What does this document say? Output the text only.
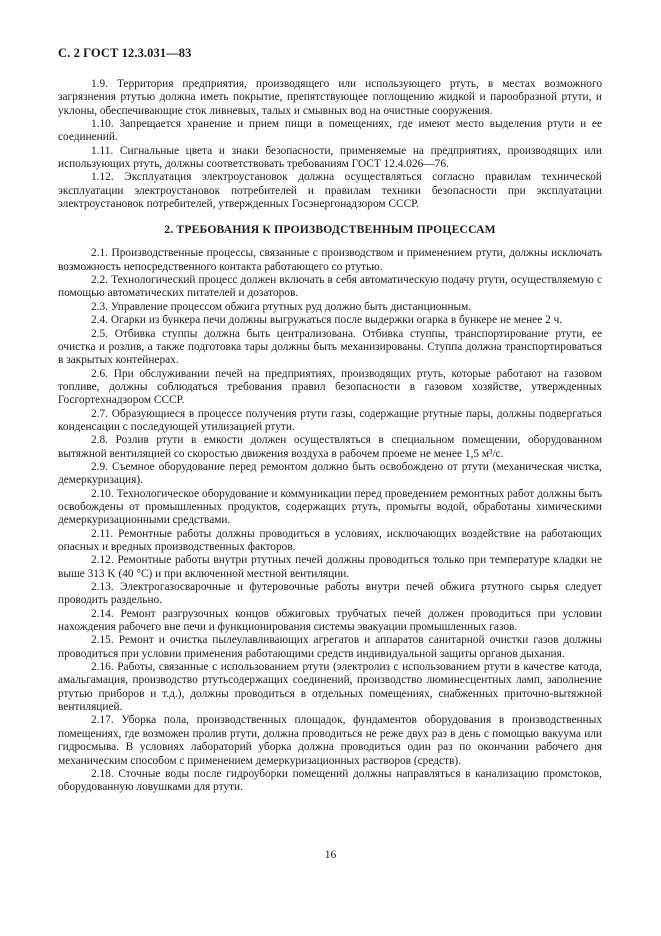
С. 2 ГОСТ 12.3.031—83

1.9. Территория предприятия, производящего или использующего ртуть, в местах возможного загрязнения ртутью должна иметь покрытие, препятствующее поглощению жидкой и парообразной ртути, и уклоны, обеспечивающие сток ливневых, талых и смывных вод на очистные сооружения.

1.10. Запрещается хранение и прием пищи в помещениях, где имеют место выделения ртути и ее соединений.

1.11. Сигнальные цвета и знаки безопасности, применяемые на предприятиях, производящих или использующих ртуть, должны соответствовать требованиям ГОСТ 12.4.026—76.

1.12. Эксплуатация электроустановок должна осуществляться согласно правилам технической эксплуатации электроустановок потребителей и правилам техники безопасности при эксплуатации электроустановок потребителей, утвержденных Госэнергонадзором СССР.

2. ТРЕБОВАНИЯ К ПРОИЗВОДСТВЕННЫМ ПРОЦЕССАМ

2.1. Производственные процессы, связанные с производством и применением ртути, должны исключать возможность непосредственного контакта работающего со ртутью.

2.2. Технологический процесс должен включать в себя автоматическую подачу ртути, осуществляемую с помощью автоматических питателей и дозаторов.

2.3. Управление процессом обжига ртутных руд должно быть дистанционным.

2.4. Огарки из бункера печи должны выгружаться после выдержки огарка в бункере не менее 2 ч.

2.5. Отбивка ступпы должна быть централизована. Отбивка ступпы, транспортирование ртути, ее очистка и розлив, а также подготовка тары должны быть механизированы. Ступпа должна транспортироваться в закрытых контейнерах.

2.6. При обслуживании печей на предприятиях, производящих ртуть, которые работают на газовом топливе, должны соблюдаться требования правил безопасности в газовом хозяйстве, утвержденных Госгортехнадзором СССР.

2.7. Образующиеся в процессе получения ртути газы, содержащие ртутные пары, должны подвергаться конденсации с последующей утилизацией ртути.

2.8. Розлив ртути в емкости должен осуществляться в специальном помещении, оборудованном вытяжной вентиляцией со скоростью движения воздуха в рабочем проеме не менее 1,5 м³/с.

2.9. Съемное оборудование перед ремонтом должно быть освобождено от ртути (механическая чистка, демеркуризация).

2.10. Технологическое оборудование и коммуникации перед проведением ремонтных работ должны быть освобождены от промышленных продуктов, содержащих ртуть, промыты водой, обработаны химическими демеркуризационными средствами.

2.11. Ремонтные работы должны проводиться в условиях, исключающих воздействие на работающих опасных и вредных производственных факторов.

2.12. Ремонтные работы внутри ртутных печей должны проводиться только при температуре кладки не выше 313 K (40 °C) и при включенной местной вентиляции.

2.13. Электрогазосварочные и футеровочные работы внутри печей обжига ртутного сырья следует проводить раздельно.

2.14. Ремонт разгрузочных концов обжиговых трубчатых печей должен проводиться при условии нахождения рабочего вне печи и функционирования системы эвакуации промышленных газов.

2.15. Ремонт и очистка пылеулавливающих агрегатов и аппаратов санитарной очистки газов должны проводиться при условии применения работающими средств индивидуальной защиты органов дыхания.

2.16. Работы, связанные с использованием ртути (электролиз с использованием ртути в качестве катода, амальгамация, производство ртутьсодержащих соединений, производство люминесцентных ламп, заполнение ртутью приборов и т.д.), должны проводиться в отдельных помещениях, снабженных приточно-вытяжной вентиляцией.

2.17. Уборка пола, производственных площадок, фундаментов оборудования в производственных помещениях, где возможен пролив ртути, должна проводиться не реже двух раз в день с помощью вакуума или гидросмыва. В условиях лабораторий уборка должна проводиться один раз по окончании рабочего дня механическим способом с применением демеркуризационных растворов (средств).

2.18. Сточные воды после гидроуборки помещений должны направляться в канализацию промстоков, оборудованную ловушками для ртути.

16
